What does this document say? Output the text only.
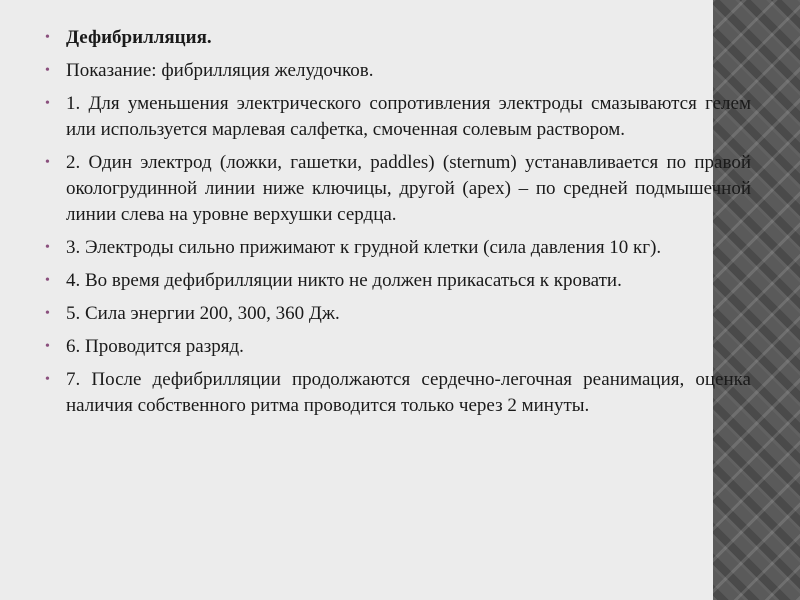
• Дефибрилляция.
• Показание: фибрилляция желудочков.
• 1. Для уменьшения электрического сопротивления электроды смазываются гелем или используется марлевая салфетка, смоченная солевым раствором.
• 2. Один электрод (ложки, гашетки, paddles) (sternum) устанавливается по правой окологрудинной линии ниже ключицы, другой (apex) – по средней подмышечной линии слева на уровне верхушки сердца.
• 3. Электроды сильно прижимают к грудной клетки (сила давления 10 кг).
• 4. Во время дефибрилляции никто не должен прикасаться к кровати.
• 5. Сила энергии 200, 300, 360 Дж.
• 6. Проводится разряд.
• 7. После дефибрилляции продолжаются сердечно-легочная реанимация, оценка наличия собственного ритма проводится только через 2 минуты.
